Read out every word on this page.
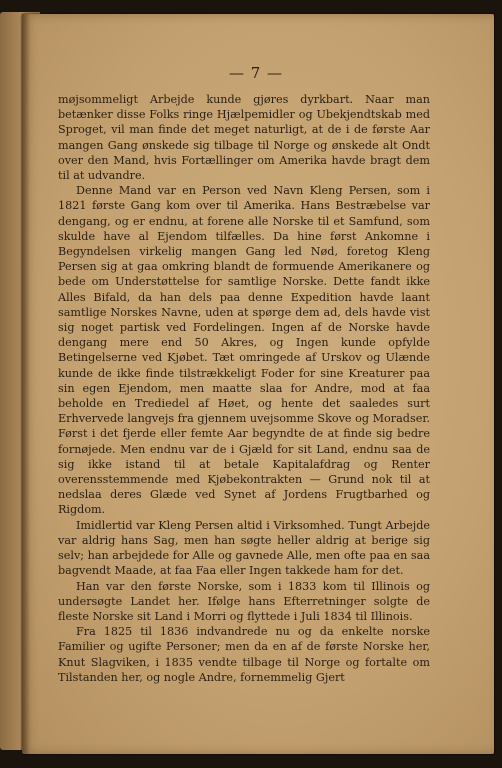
— 7 —

møjsommeligt Arbejde kunde gjøres dyrkbart. Naar man betænker disse Folks ringe Hjælpemidler og Ubekjendtskab med Sproget, vil man finde det meget naturligt, at de i de første Aar mangen Gang ønskede sig tilbage til Norge og ønskede alt Ondt over den Mand, hvis Fortællinger om Amerika havde bragt dem til at udvandre.

Denne Mand var en Person ved Navn Kleng Persen, som i 1821 første Gang kom over til Amerika. Hans Bestræbelse var dengang, og er endnu, at forene alle Norske til et Samfund, som skulde have al Ejendom tilfælles. Da hine først Ankomne i Begyndelsen virkelig mangen Gang led Nød, foretog Kleng Persen sig at gaa omkring blandt de formuende Amerikanere og bede om Understøttelse for samtlige Norske. Dette fandt ikke Alles Bifald, da han dels paa denne Expedition havde laant samtlige Norskes Navne, uden at spørge dem ad, dels havde vist sig noget partisk ved Fordelingen. Ingen af de Norske havde dengang mere end 50 Akres, og Ingen kunde opfylde Betingelserne ved Kjøbet. Tæt omringede af Urskov og Ulænde kunde de ikke finde tilstrækkeligt Foder for sine Kreaturer paa sin egen Ejendom, men maatte slaa for Andre, mod at faa beholde en Trediedel af Høet, og hente det saaledes surt Erhvervede langvejs fra gjennem uvejsomme Skove og Moradser. Først i det fjerde eller femte Aar begyndte de at finde sig bedre fornøjede. Men endnu var de i Gjæld for sit Land, endnu saa de sig ikke istand til at betale Kapitalafdrag og Renter overensstemmende med Kjøbekontrakten — Grund nok til at nedslaa deres Glæde ved Synet af Jordens Frugtbarhed og Rigdom.

Imidlertid var Kleng Persen altid i Virksomhed. Tungt Arbejde var aldrig hans Sag, men han søgte heller aldrig at berige sig selv; han arbejdede for Alle og gavnede Alle, men ofte paa en saa bagvendt Maade, at faa Faa eller Ingen takkede ham for det.

Han var den første Norske, som i 1833 kom til Illinois og undersøgte Landet her. Ifølge hans Efterretninger solgte de fleste Norske sit Land i Morri og flyttede i Juli 1834 til Illinois.

Fra 1825 til 1836 indvandrede nu og da enkelte norske Familier og ugifte Personer; men da en af de første Norske her, Knut Slagviken, i 1835 vendte tilbage til Norge og fortalte om Tilstanden her, og nogle Andre, fornemmelig Gjert
